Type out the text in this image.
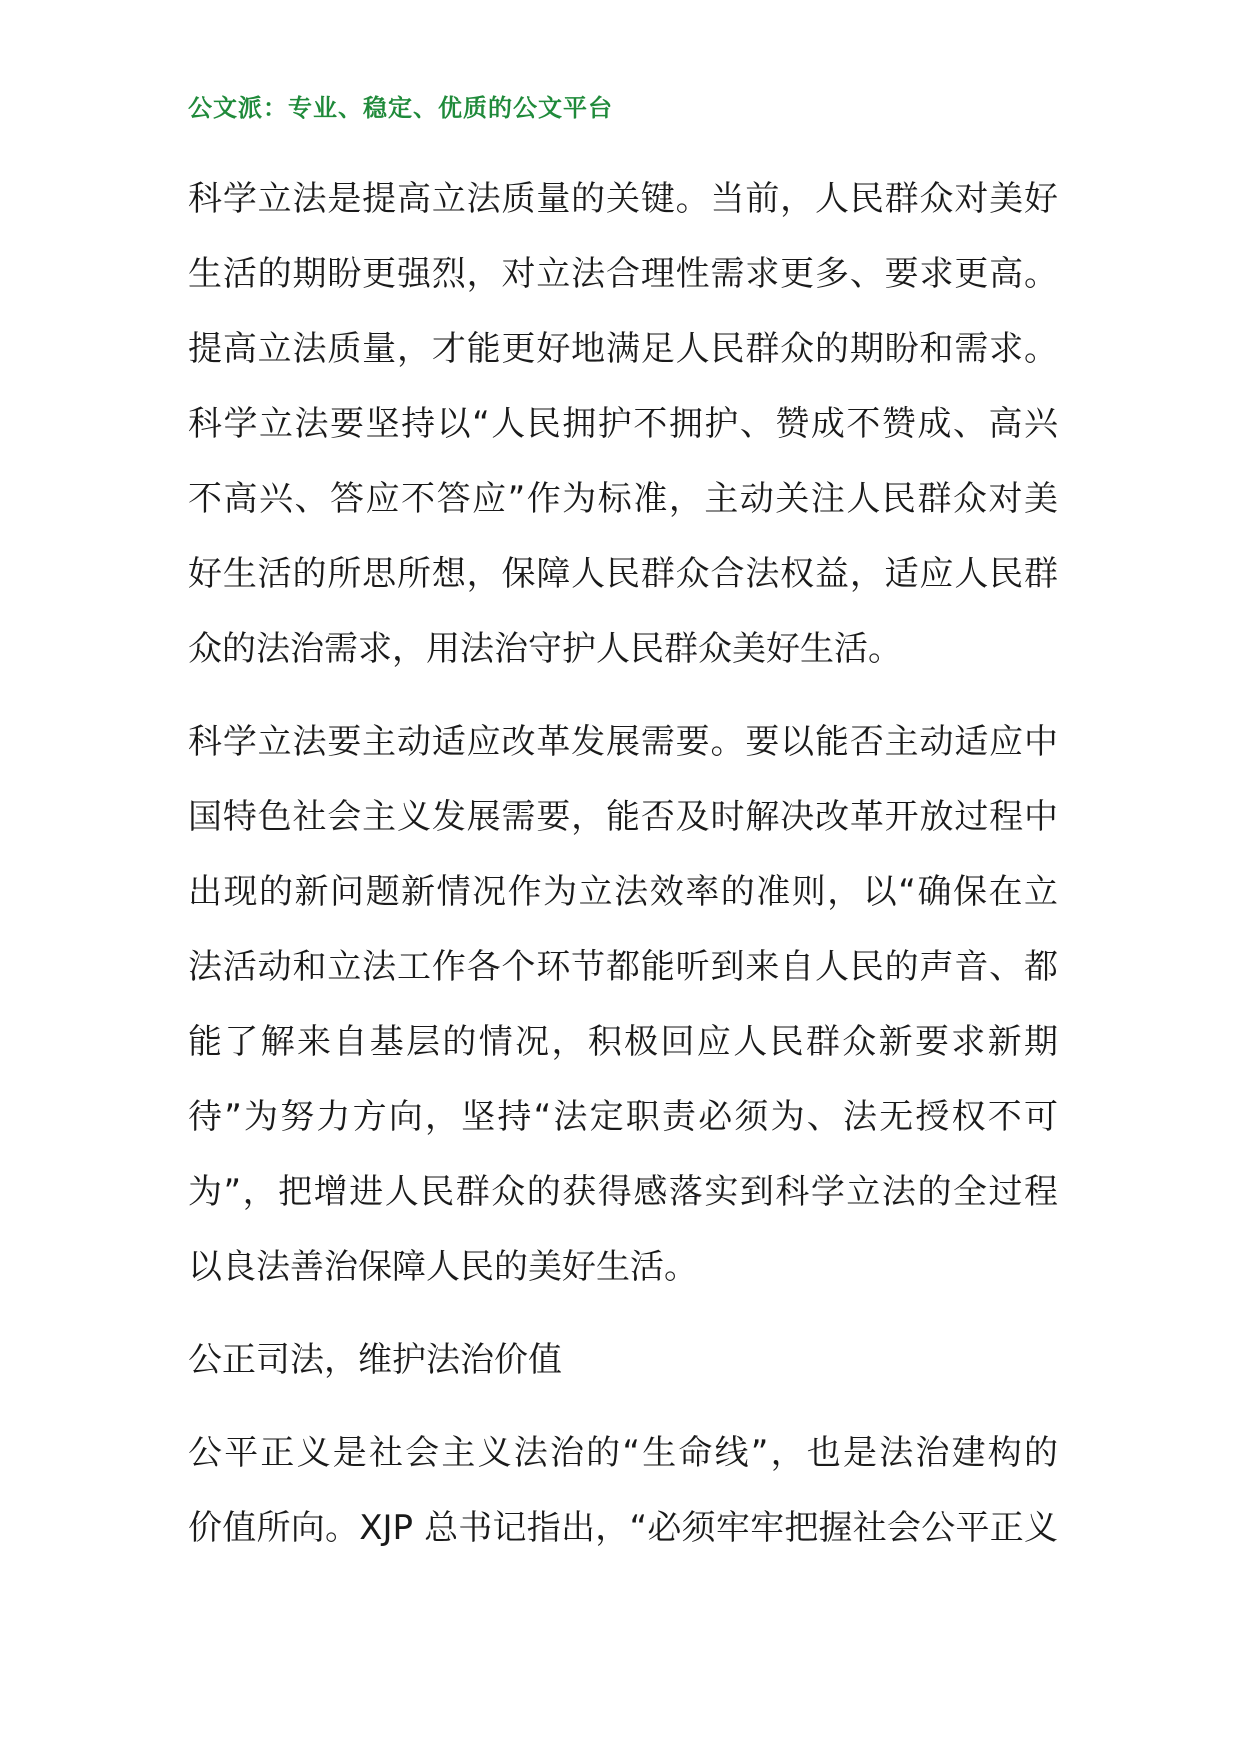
公文派：专业、稳定、优质的公文平台
科学立法是提高立法质量的关键。当前，人民群众对美好
生活的期盼更强烈，对立法合理性需求更多、要求更高。
提高立法质量，才能更好地满足人民群众的期盼和需求。
科学立法要坚持以“人民拥护不拥护、赞成不赞成、高兴
不高兴、答应不答应”作为标准，主动关注人民群众对美
好生活的所思所想，保障人民群众合法权益，适应人民群
众的法治需求，用法治守护人民群众美好生活。
科学立法要主动适应改革发展需要。要以能否主动适应中
国特色社会主义发展需要，能否及时解决改革开放过程中
出现的新问题新情况作为立法效率的准则，以“确保在立
法活动和立法工作各个环节都能听到来自人民的声音、都
能了解来自基层的情况，积极回应人民群众新要求新期
待”为努力方向，坚持“法定职责必须为、法无授权不可
为”，把增进人民群众的获得感落实到科学立法的全过程
以良法善治保障人民的美好生活。
公正司法，维护法治价值
公平正义是社会主义法治的“生命线”，也是法治建构的
价值所向。XJP 总书记指出，“必须牢牢把握社会公平正义
